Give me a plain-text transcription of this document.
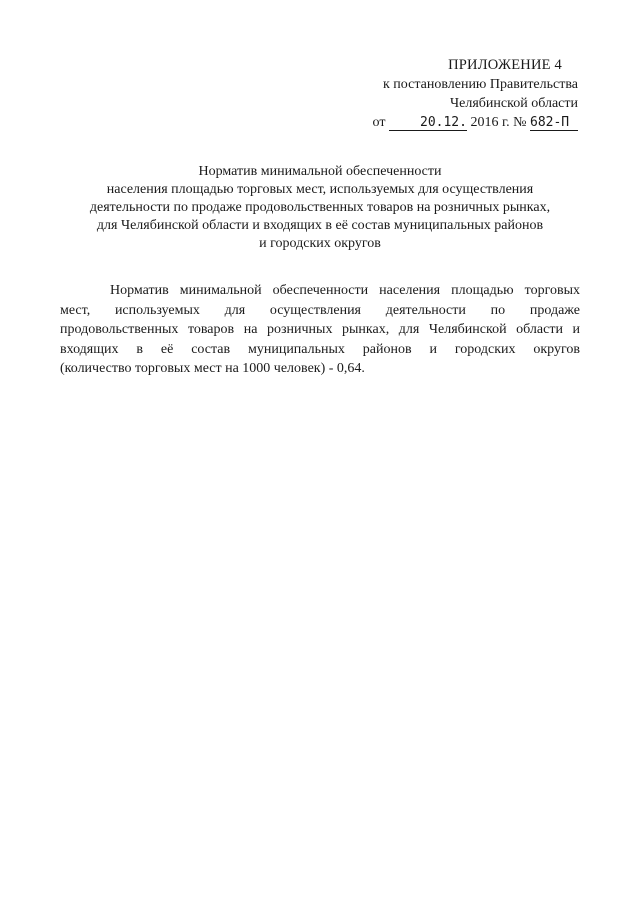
ПРИЛОЖЕНИЕ 4
к постановлению Правительства
Челябинской области
от	20.12. 2016 г. № 682-П
Норматив минимальной обеспеченности
населения площадью торговых мест, используемых для осуществления
деятельности по продаже продовольственных товаров на розничных рынках,
для Челябинской области и входящих в её состав муниципальных районов
и городских округов
Норматив минимальной обеспеченности населения площадью торговых
мест, используемых для осуществления деятельности по продаже
продовольственных товаров на розничных рынках, для Челябинской области и
входящих в её состав муниципальных районов и городских округов
(количество торговых мест на 1000 человек) - 0,64.
